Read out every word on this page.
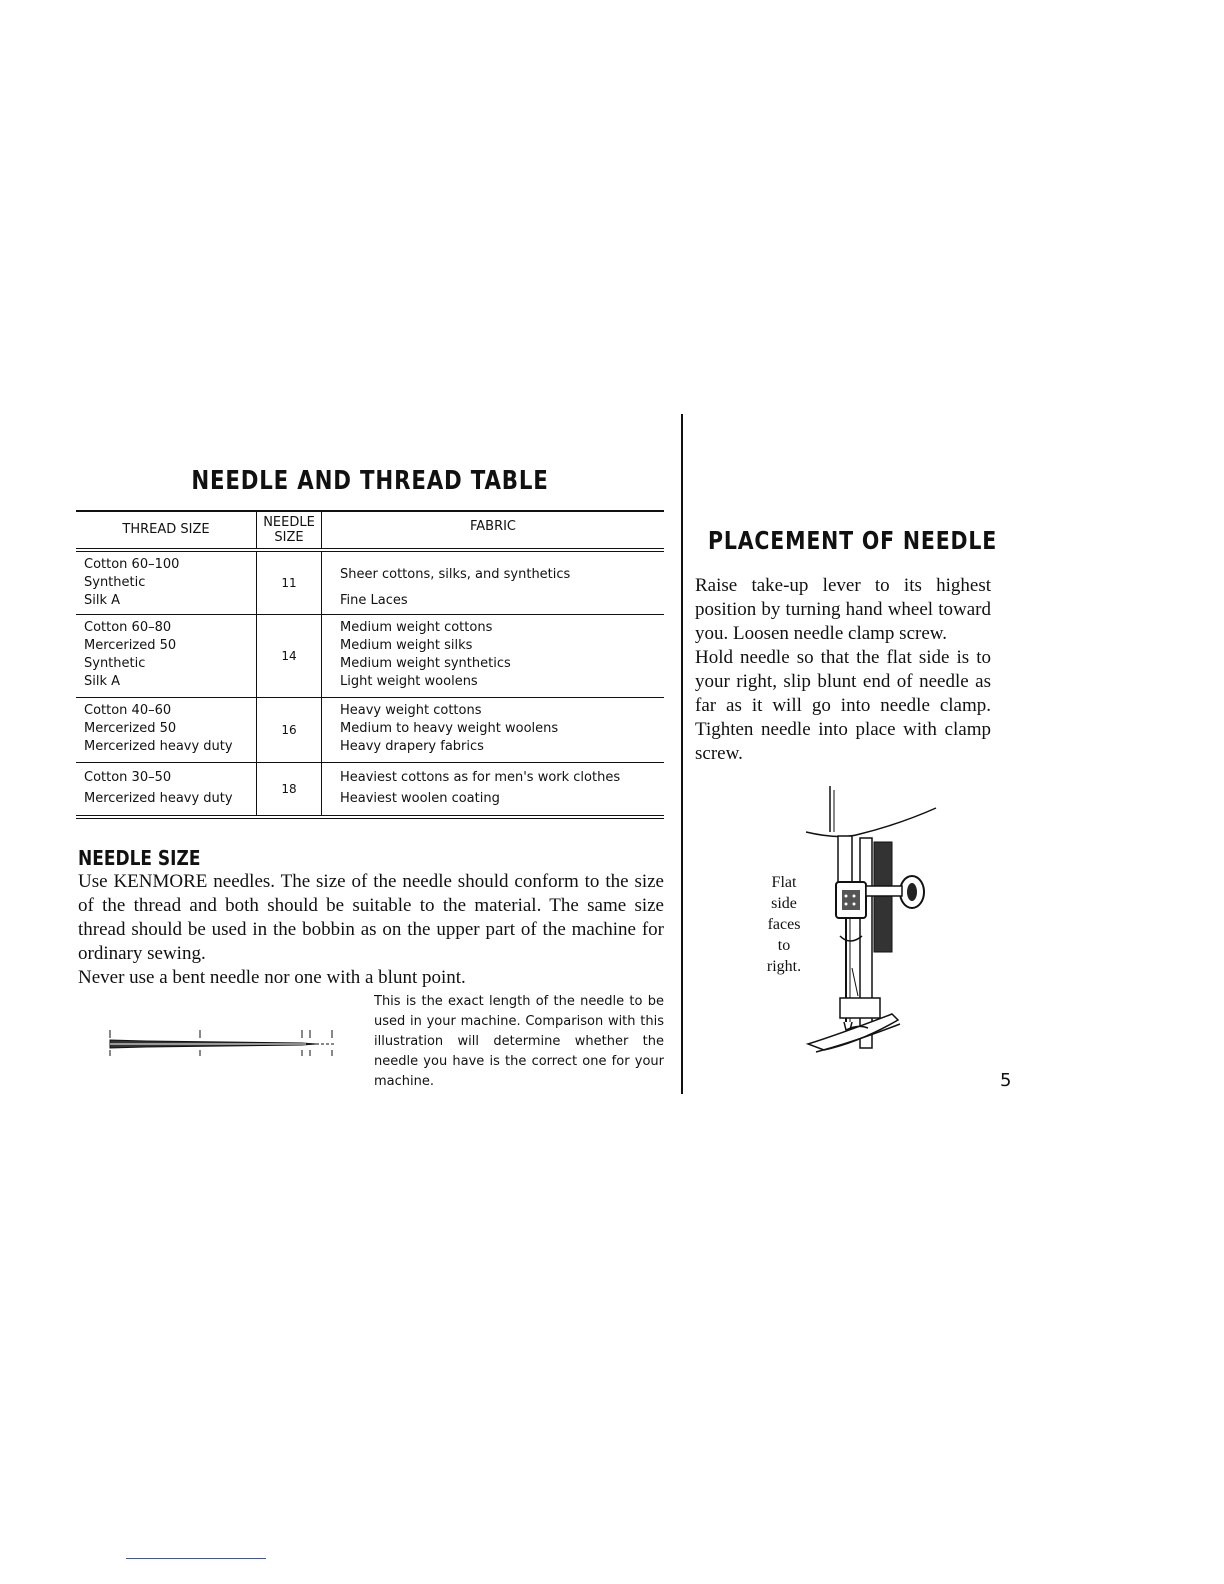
NEEDLE AND THREAD TABLE
THREAD SIZE	NEEDLE
SIZE
FABRIC
Cotton 60–100
Synthetic
Silk A
11
Sheer cottons, silks, and synthetics
Fine Laces
Cotton 60–80
Mercerized 50
Synthetic
Silk A
14
Medium weight cottons
Medium weight silks
Medium weight synthetics
Light weight woolens
Cotton 40–60
Mercerized 50
Mercerized heavy duty
16
Heavy weight cottons
Medium to heavy weight woolens
Heavy drapery fabrics
Cotton 30–50
Mercerized heavy duty
18
Heaviest cottons as for men's work clothes
Heaviest woolen coating
NEEDLE SIZE

Use KENMORE needles. The size of the needle should conform to the size of the thread and both should be suitable to the material. The same size thread should be used in the bobbin as on the upper part of the machine for ordinary sewing.

Never use a bent needle nor one with a blunt point.

This is the exact length of the needle to be used in your machine. Comparison with this illustration will determine whether the needle you have is the correct one for your machine.
PLACEMENT OF NEEDLE

Raise take-up lever to its highest position by turning hand wheel toward you. Loosen needle clamp screw.

Hold needle so that the flat side is to your right, slip blunt end of needle as far as it will go into needle clamp. Tighten needle into place with clamp screw.

Flat
side
faces
to
right.
5
